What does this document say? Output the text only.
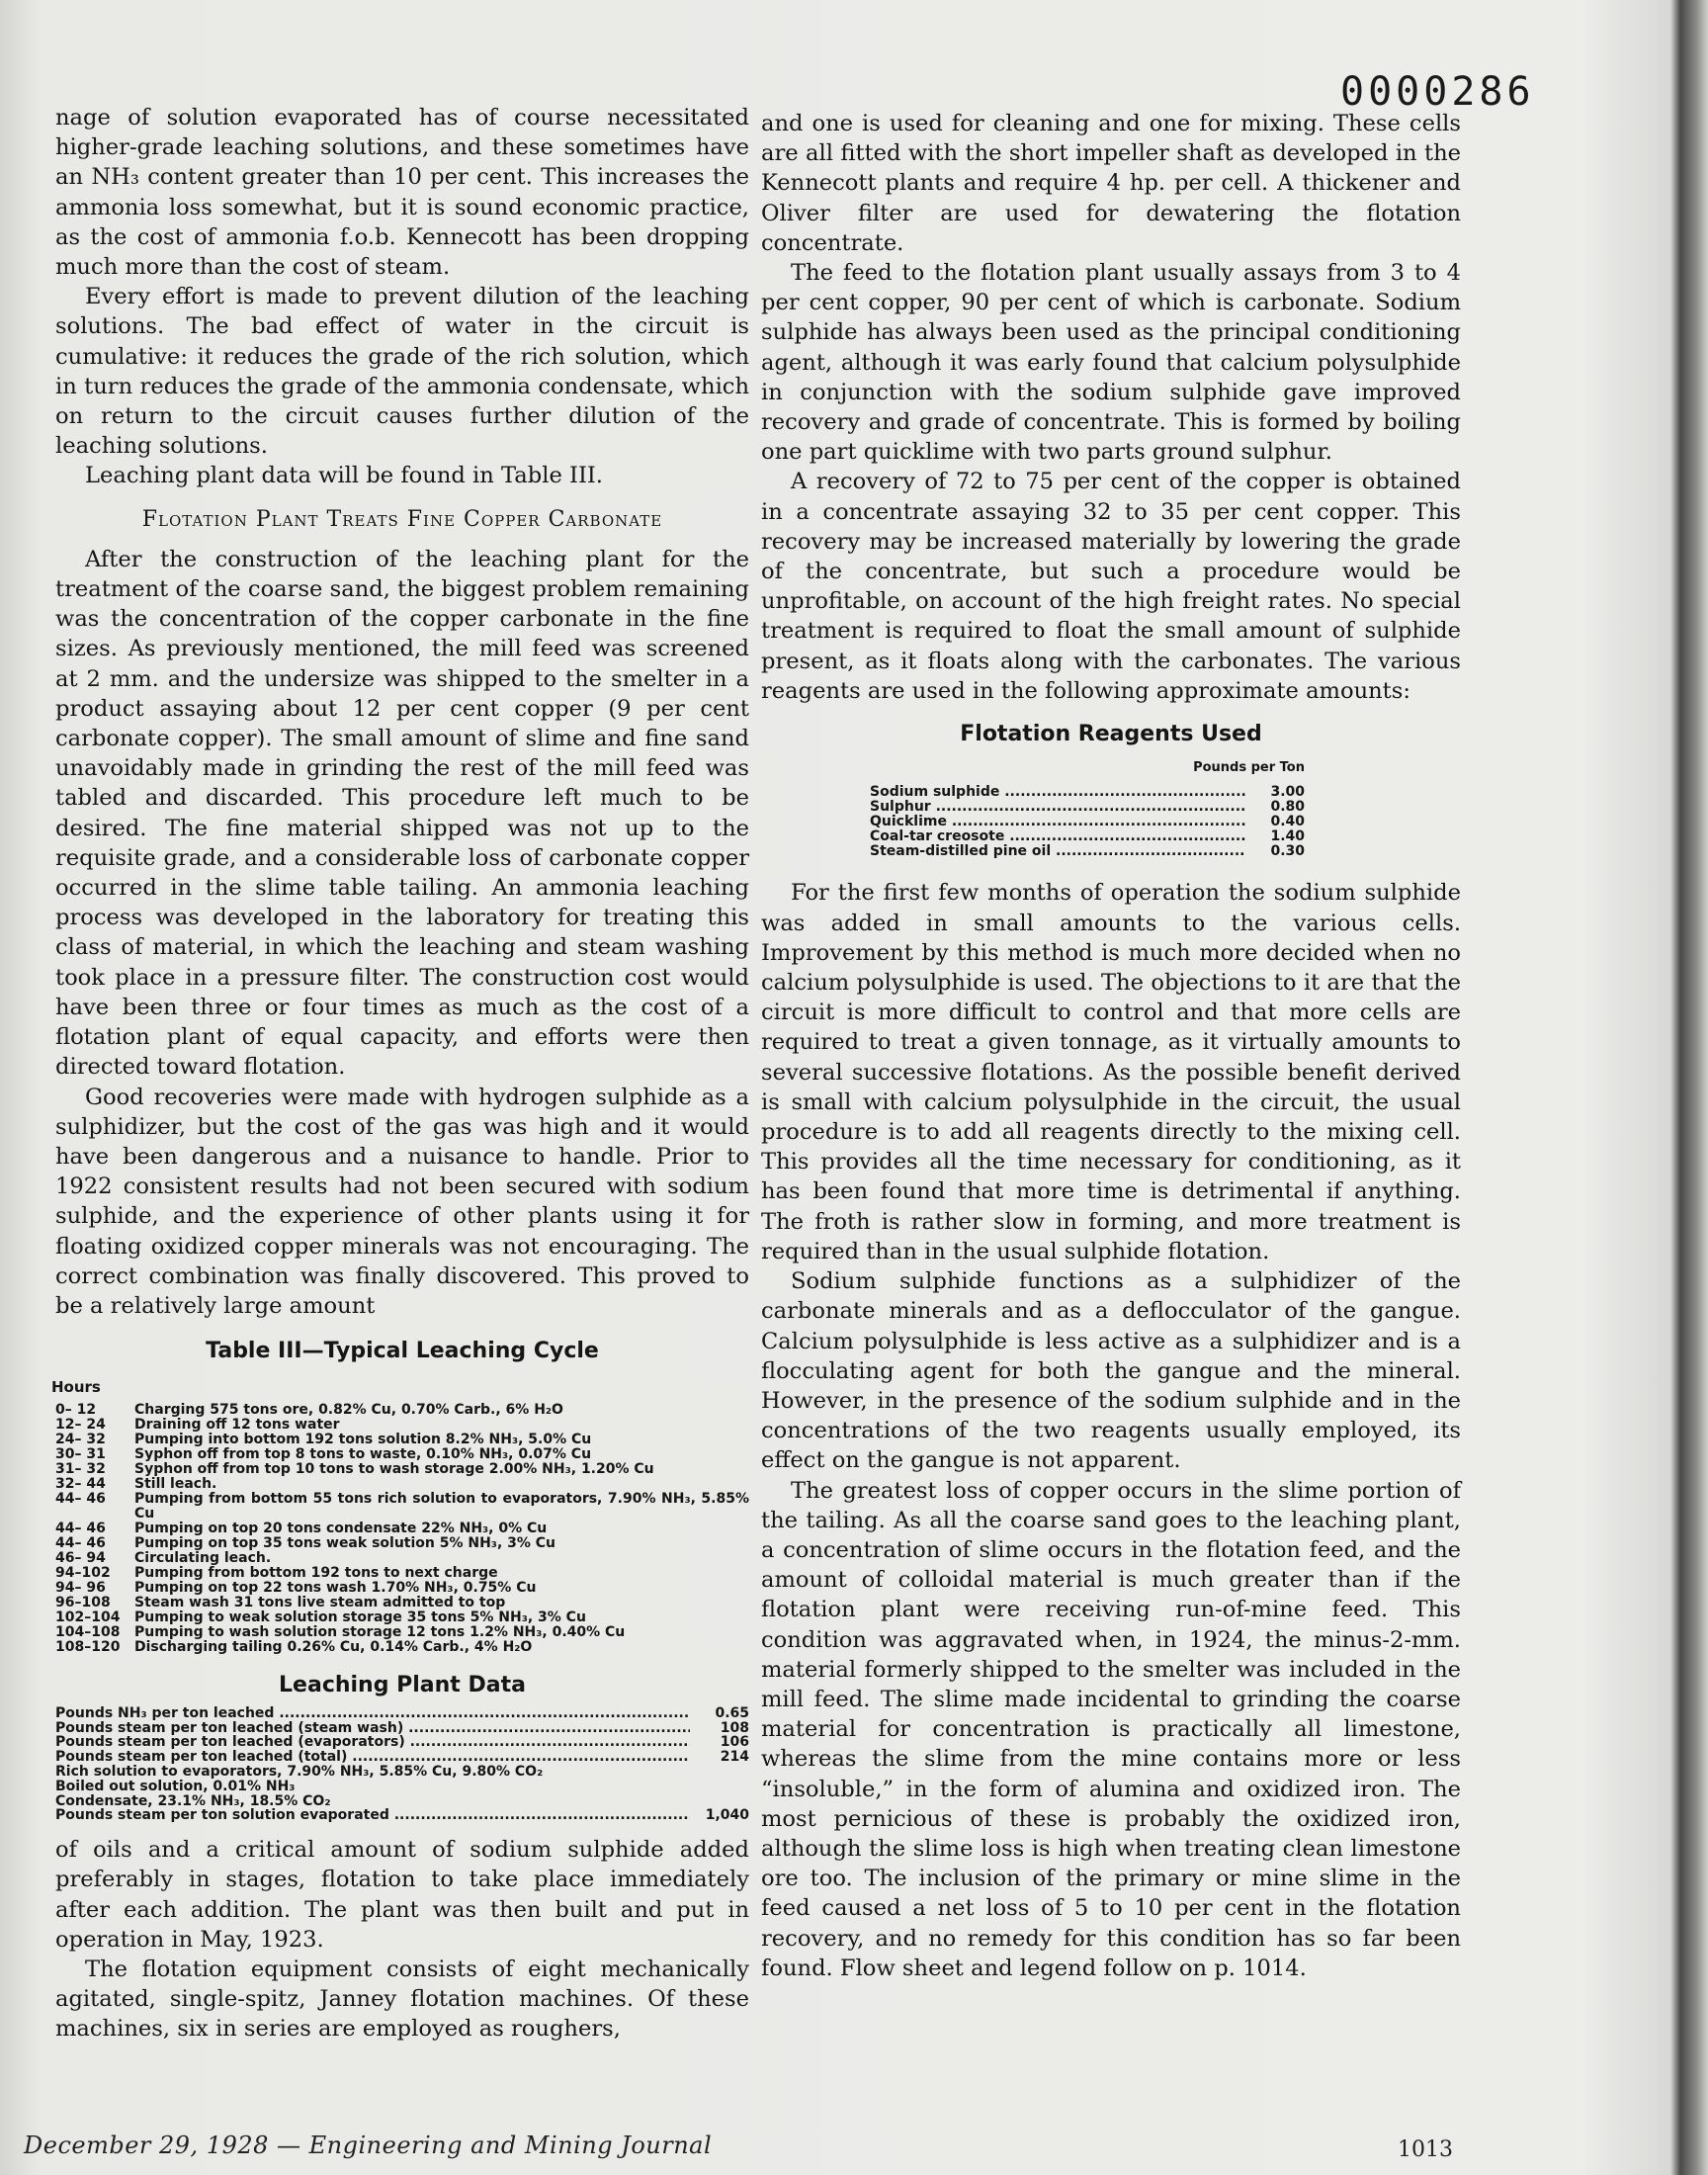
0000286

nage of solution evaporated has of course necessitated higher-grade leaching solutions, and these sometimes have an NH₃ content greater than 10 per cent. This increases the ammonia loss somewhat, but it is sound economic practice, as the cost of ammonia f.o.b. Kennecott has been dropping much more than the cost of steam.

Every effort is made to prevent dilution of the leaching solutions. The bad effect of water in the circuit is cumulative: it reduces the grade of the rich solution, which in turn reduces the grade of the ammonia condensate, which on return to the circuit causes further dilution of the leaching solutions.

Leaching plant data will be found in Table III.

Flotation Plant Treats Fine Copper Carbonate

After the construction of the leaching plant for the treatment of the coarse sand, the biggest problem remaining was the concentration of the copper carbonate in the fine sizes. As previously mentioned, the mill feed was screened at 2 mm. and the undersize was shipped to the smelter in a product assaying about 12 per cent copper (9 per cent carbonate copper). The small amount of slime and fine sand unavoidably made in grinding the rest of the mill feed was tabled and discarded. This procedure left much to be desired. The fine material shipped was not up to the requisite grade, and a considerable loss of carbonate copper occurred in the slime table tailing. An ammonia leaching process was developed in the laboratory for treating this class of material, in which the leaching and steam washing took place in a pressure filter. The construction cost would have been three or four times as much as the cost of a flotation plant of equal capacity, and efforts were then directed toward flotation.

Good recoveries were made with hydrogen sulphide as a sulphidizer, but the cost of the gas was high and it would have been dangerous and a nuisance to handle. Prior to 1922 consistent results had not been secured with sodium sulphide, and the experience of other plants using it for floating oxidized copper minerals was not encouraging. The correct combination was finally discovered. This proved to be a relatively large amount

Table III—Typical Leaching Cycle
Hours
0– 12	Charging 575 tons ore, 0.82% Cu, 0.70% Carb., 6% H₂O
12– 24	Draining off 12 tons water
24– 32	Pumping into bottom 192 tons solution 8.2% NH₃, 5.0% Cu
30– 31	Syphon off from top 8 tons to waste, 0.10% NH₃, 0.07% Cu
31– 32	Syphon off from top 10 tons to wash storage 2.00% NH₃, 1.20% Cu
32– 44	Still leach.
44– 46	Pumping from bottom 55 tons rich solution to evaporators, 7.90% NH₃, 5.85% Cu
44– 46	Pumping on top 20 tons condensate 22% NH₃, 0% Cu
44– 46	Pumping on top 35 tons weak solution 5% NH₃, 3% Cu
46– 94	Circulating leach.
94–102	Pumping from bottom 192 tons to next charge
94– 96	Pumping on top 22 tons wash 1.70% NH₃, 0.75% Cu
96–108	Steam wash 31 tons live steam admitted to top
102–104	Pumping to weak solution storage 35 tons 5% NH₃, 3% Cu
104–108	Pumping to wash solution storage 12 tons 1.2% NH₃, 0.40% Cu
108–120	Discharging tailing 0.26% Cu, 0.14% Carb., 4% H₂O
Leaching Plant Data
Pounds NH₃ per ton leached .....	0.65
Pounds steam per ton leached (steam wash) .....	108
Pounds steam per ton leached (evaporators) .....	106
Pounds steam per ton leached (total) .....	214
Rich solution to evaporators, 7.90% NH₃, 5.85% Cu, 9.80% CO₂
Boiled out solution, 0.01% NH₃
Condensate, 23.1% NH₃, 18.5% CO₂
Pounds steam per ton solution evaporated .....	1,040

of oils and a critical amount of sodium sulphide added preferably in stages, flotation to take place immediately after each addition. The plant was then built and put in operation in May, 1923.

The flotation equipment consists of eight mechanically agitated, single-spitz, Janney flotation machines. Of these machines, six in series are employed as roughers,

and one is used for cleaning and one for mixing. These cells are all fitted with the short impeller shaft as developed in the Kennecott plants and require 4 hp. per cell. A thickener and Oliver filter are used for dewatering the flotation concentrate.

The feed to the flotation plant usually assays from 3 to 4 per cent copper, 90 per cent of which is carbonate. Sodium sulphide has always been used as the principal conditioning agent, although it was early found that calcium polysulphide in conjunction with the sodium sulphide gave improved recovery and grade of concentrate. This is formed by boiling one part quicklime with two parts ground sulphur.

A recovery of 72 to 75 per cent of the copper is obtained in a concentrate assaying 32 to 35 per cent copper. This recovery may be increased materially by lowering the grade of the concentrate, but such a procedure would be unprofitable, on account of the high freight rates. No special treatment is required to float the small amount of sulphide present, as it floats along with the carbonates. The various reagents are used in the following approximate amounts:

Flotation Reagents Used
Pounds per Ton
Sodium sulphide .....	3.00
Sulphur .....	0.80
Quicklime .....	0.40
Coal-tar creosote .....	1.40
Steam-distilled pine oil .....	0.30

For the first few months of operation the sodium sulphide was added in small amounts to the various cells. Improvement by this method is much more decided when no calcium polysulphide is used. The objections to it are that the circuit is more difficult to control and that more cells are required to treat a given tonnage, as it virtually amounts to several successive flotations. As the possible benefit derived is small with calcium polysulphide in the circuit, the usual procedure is to add all reagents directly to the mixing cell. This provides all the time necessary for conditioning, as it has been found that more time is detrimental if anything. The froth is rather slow in forming, and more treatment is required than in the usual sulphide flotation.

Sodium sulphide functions as a sulphidizer of the carbonate minerals and as a deflocculator of the gangue. Calcium polysulphide is less active as a sulphidizer and is a flocculating agent for both the gangue and the mineral. However, in the presence of the sodium sulphide and in the concentrations of the two reagents usually employed, its effect on the gangue is not apparent.

The greatest loss of copper occurs in the slime portion of the tailing. As all the coarse sand goes to the leaching plant, a concentration of slime occurs in the flotation feed, and the amount of colloidal material is much greater than if the flotation plant were receiving run-of-mine feed. This condition was aggravated when, in 1924, the minus-2-mm. material formerly shipped to the smelter was included in the mill feed. The slime made incidental to grinding the coarse material for concentration is practically all limestone, whereas the slime from the mine contains more or less “insoluble,” in the form of alumina and oxidized iron. The most pernicious of these is probably the oxidized iron, although the slime loss is high when treating clean limestone ore too. The inclusion of the primary or mine slime in the feed caused a net loss of 5 to 10 per cent in the flotation recovery, and no remedy for this condition has so far been found. Flow sheet and legend follow on p. 1014.

December 29, 1928 — Engineering and Mining Journal	1013
